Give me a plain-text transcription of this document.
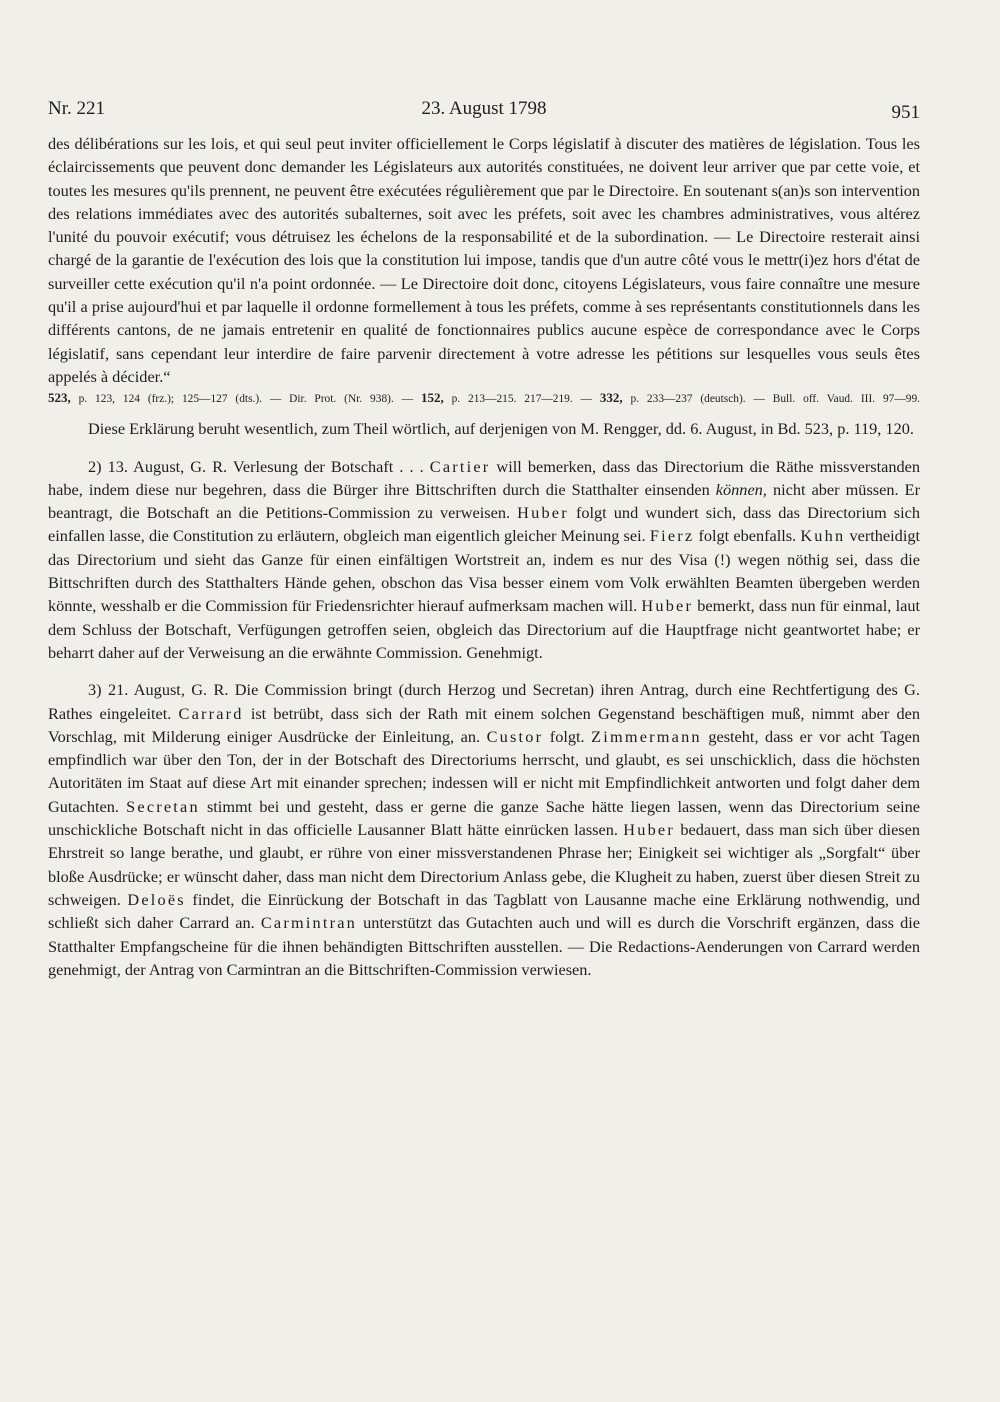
Nr. 221	23. August 1798	951

des délibérations sur les lois, et qui seul peut inviter officiellement le Corps législatif à discuter des matières de législation. Tous les éclaircissements que peuvent donc demander les Législateurs aux autorités constituées, ne doivent leur arriver que par cette voie, et toutes les mesures qu'ils prennent, ne peuvent être exécutées régulièrement que par le Directoire. En soutenant s(an)s son intervention des relations immédiates avec des autorités subalternes, soit avec les préfets, soit avec les chambres administratives, vous altérez l'unité du pouvoir exécutif; vous détruisez les échelons de la responsabilité et de la subordination. — Le Directoire resterait ainsi chargé de la garantie de l'exécution des lois que la constitution lui impose, tandis que d'un autre côté vous le mettr(i)ez hors d'état de surveiller cette exécution qu'il n'a point ordonnée. — Le Directoire doit donc, citoyens Législateurs, vous faire connaître une mesure qu'il a prise aujourd'hui et par laquelle il ordonne formellement à tous les préfets, comme à ses représentants constitutionnels dans les différents cantons, de ne jamais entretenir en qualité de fonctionnaires publics aucune espèce de correspondance avec le Corps législatif, sans cependant leur interdire de faire parvenir directement à votre adresse les pétitions sur lesquelles vous seuls êtes appelés à décider.“

523, p. 123, 124 (frz.); 125—127 (dts.). — Dir. Prot. (Nr. 938). — 152, p. 213—215. 217—219. — 332, p. 233—237 (deutsch). — Bull. off. Vaud. III. 97—99.

Diese Erklärung beruht wesentlich, zum Theil wörtlich, auf derjenigen von M. Rengger, dd. 6. August, in Bd. 523, p. 119, 120.

2) 13. August, G. R. Verlesung der Botschaft . . . Cartier will bemerken, dass das Directorium die Räthe missverstanden habe, indem diese nur begehren, dass die Bürger ihre Bittschriften durch die Statthalter einsenden können, nicht aber müssen. Er beantragt, die Botschaft an die Petitions-Commission zu verweisen. Huber folgt und wundert sich, dass das Directorium sich einfallen lasse, die Constitution zu erläutern, obgleich man eigentlich gleicher Meinung sei. Fierz folgt ebenfalls. Kuhn vertheidigt das Directorium und sieht das Ganze für einen einfältigen Wortstreit an, indem es nur des Visa (!) wegen nöthig sei, dass die Bittschriften durch des Statthalters Hände gehen, obschon das Visa besser einem vom Volk erwählten Beamten übergeben werden könnte, wesshalb er die Commission für Friedensrichter hierauf aufmerksam machen will. Huber bemerkt, dass nun für einmal, laut dem Schluss der Botschaft, Verfügungen getroffen seien, obgleich das Directorium auf die Hauptfrage nicht geantwortet habe; er beharrt daher auf der Verweisung an die erwähnte Commission. Genehmigt.

3) 21. August, G. R. Die Commission bringt (durch Herzog und Secretan) ihren Antrag, durch eine Rechtfertigung des G. Rathes eingeleitet. Carrard ist betrübt, dass sich der Rath mit einem solchen Gegenstand beschäftigen muß, nimmt aber den Vorschlag, mit Milderung einiger Ausdrücke der Einleitung, an. Custor folgt. Zimmermann gesteht, dass er vor acht Tagen empfindlich war über den Ton, der in der Botschaft des Directoriums herrscht, und glaubt, es sei unschicklich, dass die höchsten Autoritäten im Staat auf diese Art mit einander sprechen; indessen will er nicht mit Empfindlichkeit antworten und folgt daher dem Gutachten. Secretan stimmt bei und gesteht, dass er gerne die ganze Sache hätte liegen lassen, wenn das Directorium seine unschickliche Botschaft nicht in das officielle Lausanner Blatt hätte einrücken lassen. Huber bedauert, dass man sich über diesen Ehrstreit so lange berathe, und glaubt, er rühre von einer missverstandenen Phrase her; Einigkeit sei wichtiger als „Sorgfalt“ über bloße Ausdrücke; er wünscht daher, dass man nicht dem Directorium Anlass gebe, die Klugheit zu haben, zuerst über diesen Streit zu schweigen. Deloës findet, die Einrückung der Botschaft in das Tagblatt von Lausanne mache eine Erklärung nothwendig, und schließt sich daher Carrard an. Carmintran unterstützt das Gutachten auch und will es durch die Vorschrift ergänzen, dass die Statthalter Empfangscheine für die ihnen behändigten Bittschriften ausstellen. — Die Redactions-Aenderungen von Carrard werden genehmigt, der Antrag von Carmintran an die Bittschriften-Commission verwiesen.
